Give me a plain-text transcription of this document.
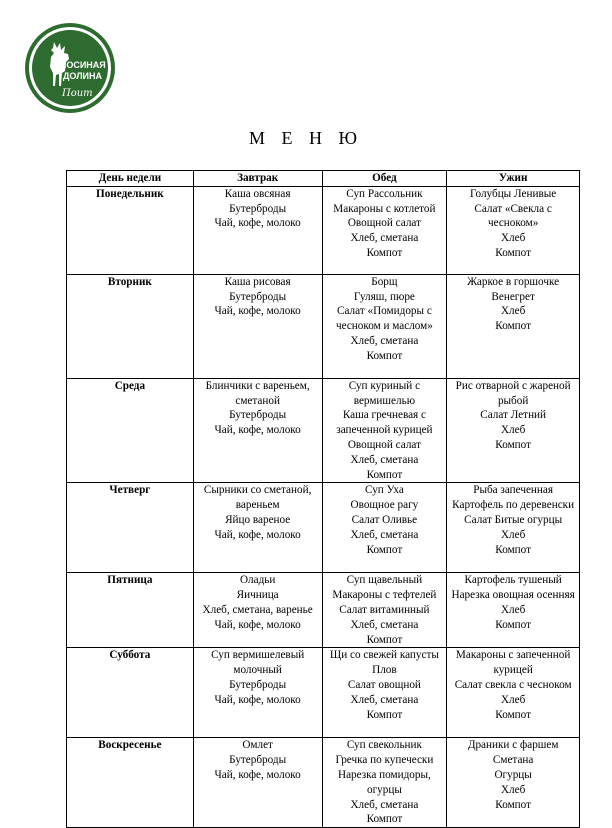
ЛОСИНАЯ
ДОЛИНА
Поит
М Е Н Ю
День недели	Завтрак	Обед	Ужин
Понедельник	Каша овсяная
Бутерброды
Чай, кофе, молоко	Суп Рассольник
Макароны с котлетой
Овощной салат
Хлеб, сметана
Компот	Голубцы Ленивые
Салат «Свекла с чесноком»
Хлеб
Компот

Вторник	Каша рисовая
Бутерброды
Чай, кофе, молоко	Борщ
Гуляш, пюре
Салат «Помидоры с чесноком и маслом»
Хлеб, сметана
Компот	Жаркое в горшочке
Венегрет
Хлеб
Компот

Среда	Блинчики с вареньем, сметаной
Бутерброды
Чай, кофе, молоко	Суп куриный с вермишелью
Каша гречневая с запеченной курицей
Овощной салат
Хлеб, сметана
Компот	Рис отварной с жареной рыбой
Салат Летний
Хлеб
Компот

Четверг	Сырники со сметаной, вареньем
Яйцо вареное
Чай, кофе, молоко	Суп Уха
Овощное рагу
Салат Оливье
Хлеб, сметана
Компот	Рыба запеченная
Картофель по деревенски
Салат Битые огурцы
Хлеб
Компот

Пятница	Оладьи
Яичница
Хлеб, сметана, варенье
Чай, кофе, молоко	Суп щавельный
Макароны с тефтелей
Салат витаминный
Хлеб, сметана
Компот	Картофель тушеный
Нарезка овощная осенняя
Хлеб
Компот

Суббота	Суп вермишелевый молочный
Бутерброды
Чай, кофе, молоко	Щи со свежей капусты
Плов
Салат овощной
Хлеб, сметана
Компот	Макароны с запеченной курицей
Салат свекла с чесноком
Хлеб
Компот

Воскресенье	Омлет
Бутерброды
Чай, кофе, молоко	Суп свекольник
Гречка по купечески
Нарезка помидоры, огурцы
Хлеб, сметана
Компот	Драники с фаршем
Сметана
Огурцы
Хлеб
Компот
